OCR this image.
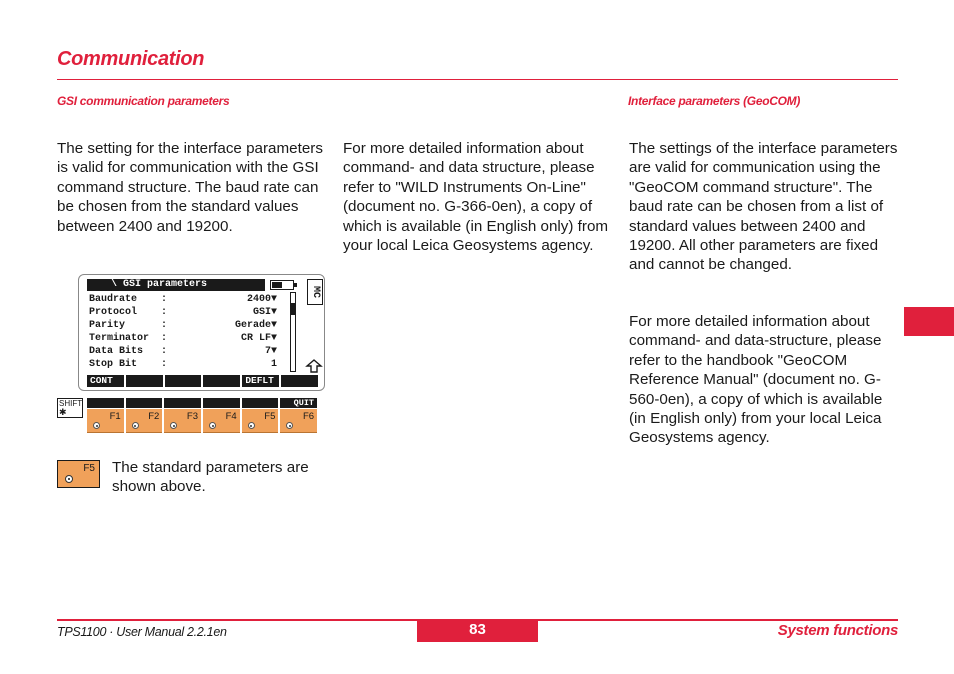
Communication
GSI communication parameters	Interface parameters (GeoCOM)
The setting for the interface parameters is valid for communication with the GSI command structure. The baud rate can be chosen from the standard values between 2400 and 19200.
For more detailed information about command- and data structure, please refer to "WILD Instruments On-Line" (document no. G-366-0en), a copy of which is available (in English only) from your local Leica Geosystems agency.
The settings of the interface parameters are valid for communication using the "GeoCOM command structure". The baud rate can be chosen from a list of standard values between 2400 and 19200. All other parameters are fixed and cannot be changed.
For more detailed information about command- and data-structure, please refer to the handbook "GeoCOM Reference Manual" (document no. G-560-0en), a copy of which is available (in English only) from your local Leica Geosystems agency.
\ GSI parameters
MC
Baudrate :	2400▼
Protocol :	GSI▼
Parity	:	Gerade▼
Terminator :	CR LF▼
Data Bits :	7▼
Stop Bit :	1
CONT	DEFLT
SHIFT
✱
QUIT
F1	F2	F3	F4	F5	F6
F5 The standard parameters are shown above.
TPS1100 · User Manual 2.2.1en	83	System functions
